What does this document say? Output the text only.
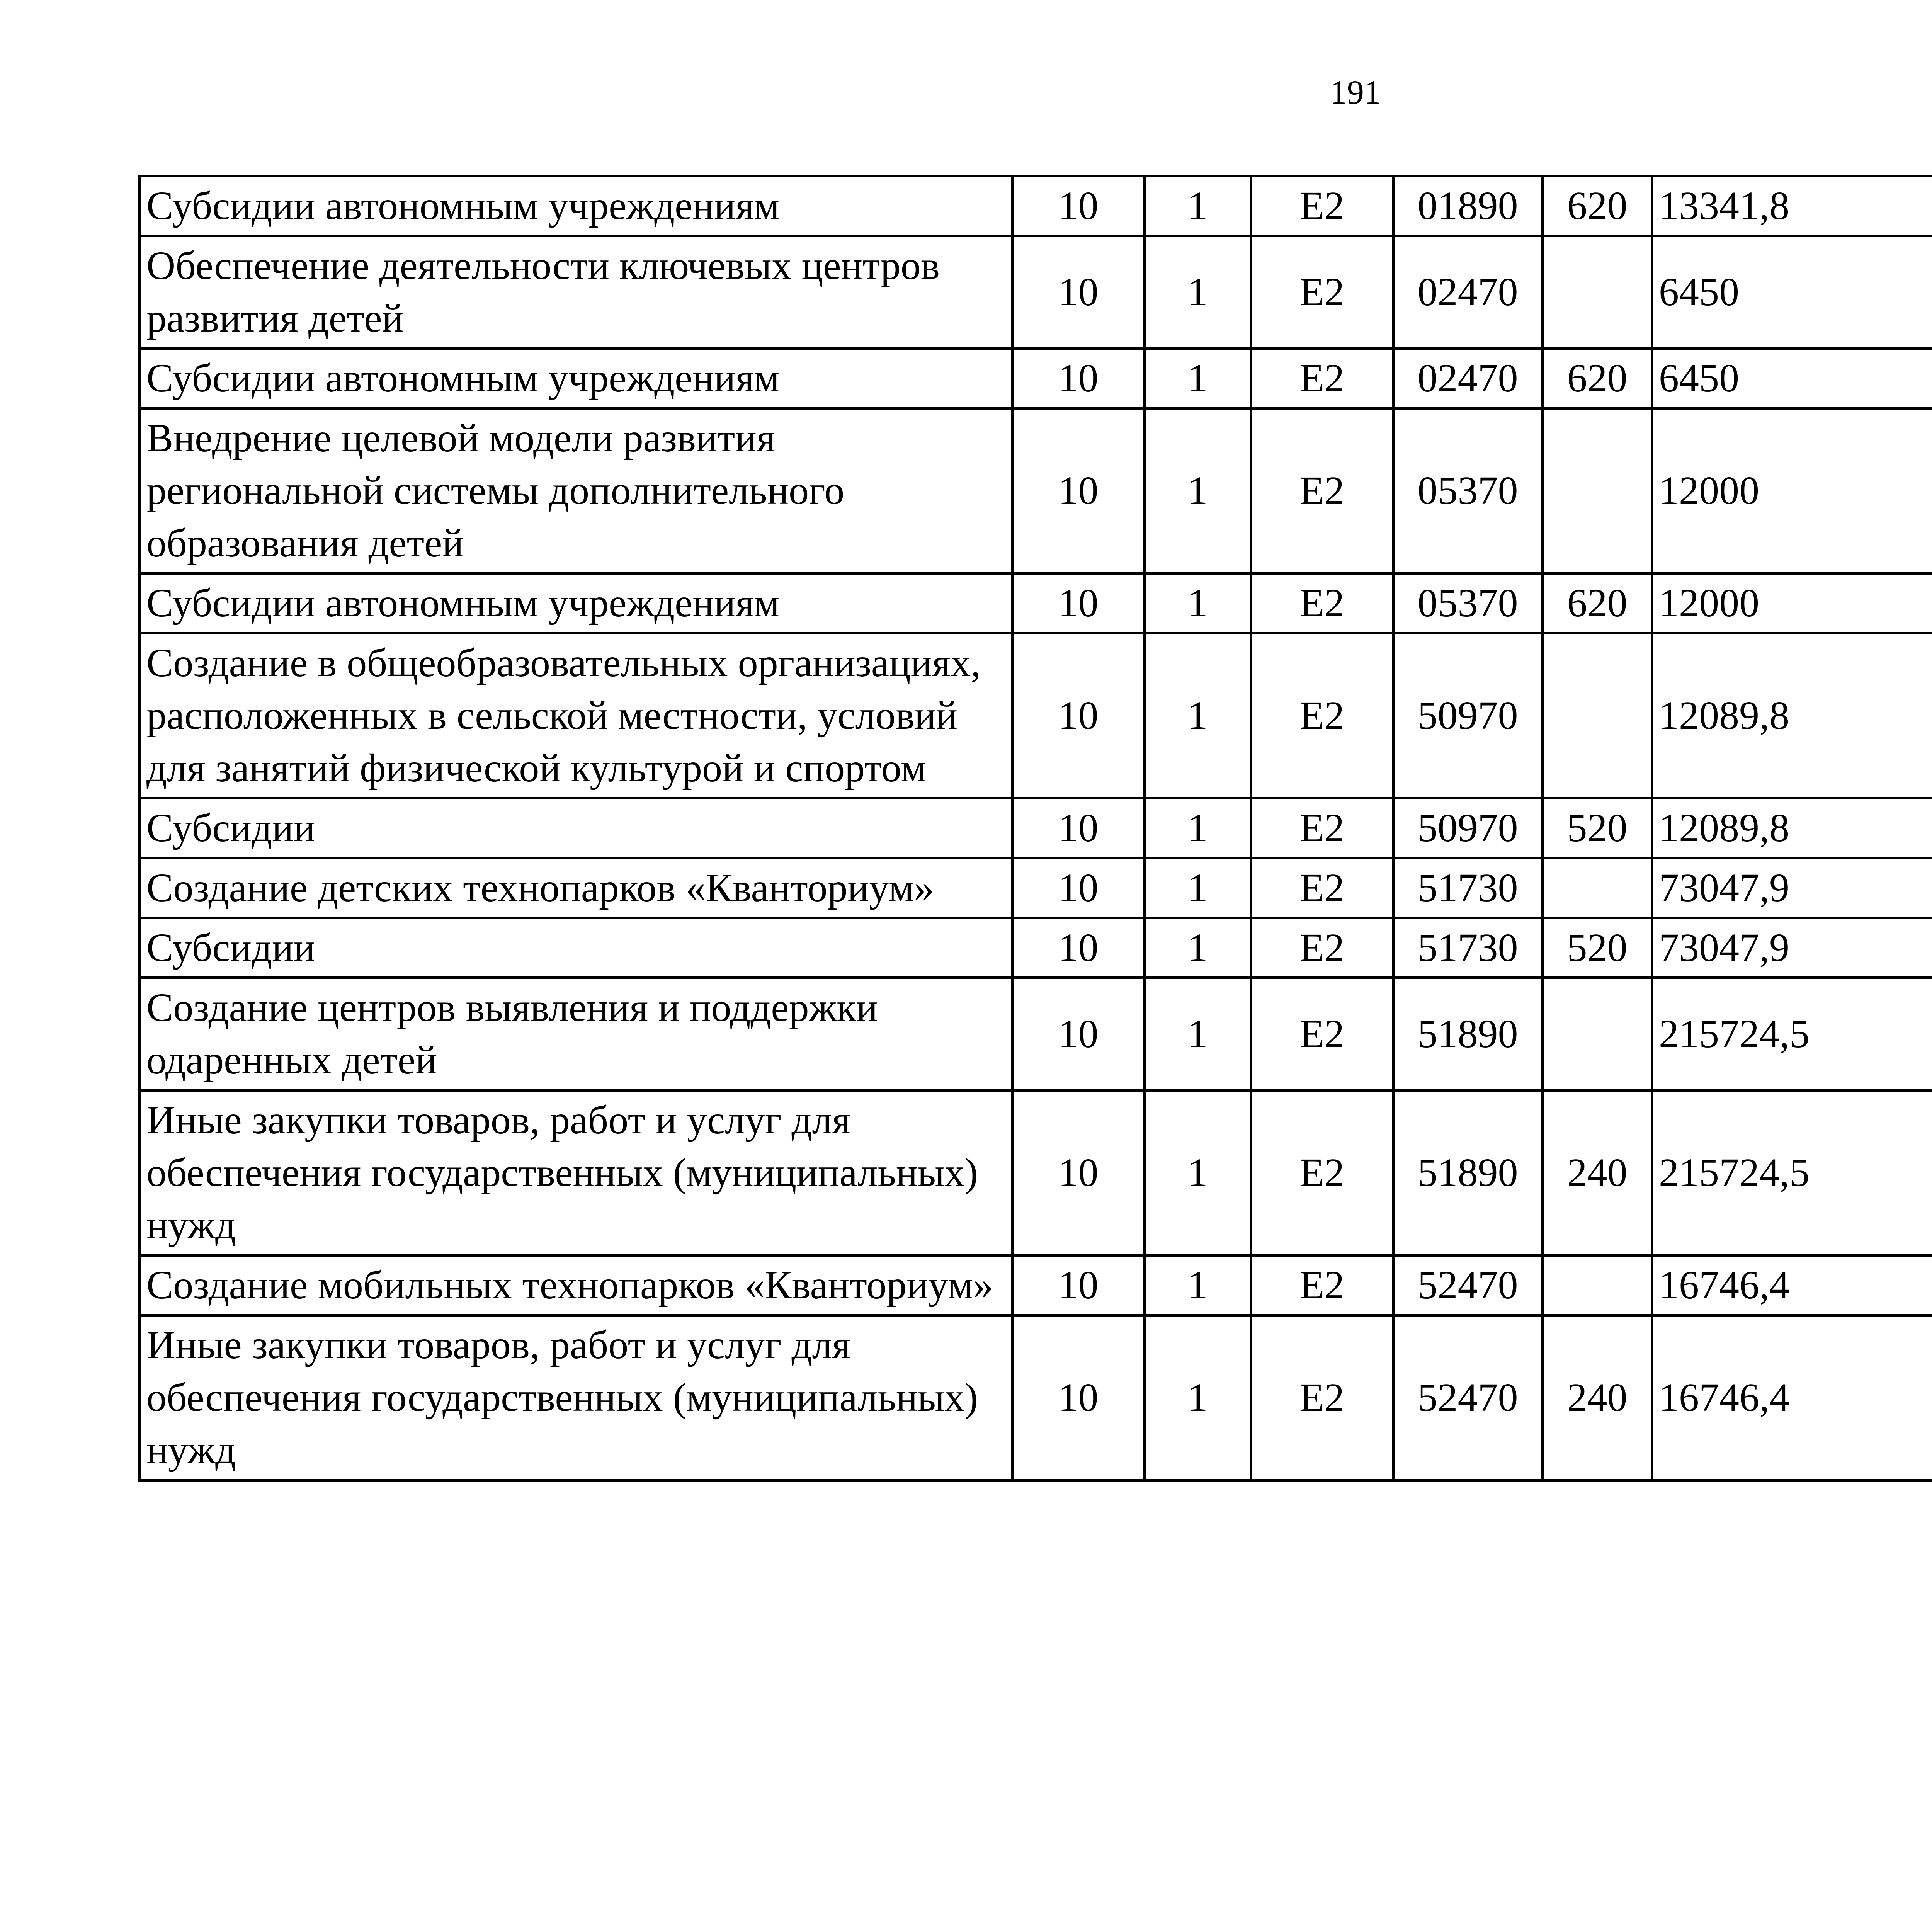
191
Субсидии автономным учреждениям	10	1	Е2	01890	620	13341,8		
Обеспечение деятельности ключевых центров развития детей	10	1	Е2	02470		6450		
Субсидии автономным учреждениям	10	1	Е2	02470	620	6450		
Внедрение целевой модели развития региональной системы дополнительного образования детей	10	1	Е2	05370		12000		
Субсидии автономным учреждениям	10	1	Е2	05370	620	12000		
Создание в общеобразовательных организациях, расположенных в сельской местности, условий для занятий физической культурой и спортом	10	1	Е2	50970		12089,8		
Субсидии	10	1	Е2	50970	520	12089,8		
Создание детских технопарков «Кванториум»	10	1	Е2	51730		73047,9		
Субсидии	10	1	Е2	51730	520	73047,9		
Создание центров выявления и поддержки одаренных детей	10	1	Е2	51890		215724,5		
Иные закупки товаров, работ и услуг для обеспечения государственных (муниципальных) нужд	10	1	Е2	51890	240	215724,5		
Создание мобильных технопарков «Кванториум»	10	1	Е2	52470		16746,4		
Иные закупки товаров, работ и услуг для обеспечения государственных (муниципальных) нужд	10	1	Е2	52470	240	16746,4		
